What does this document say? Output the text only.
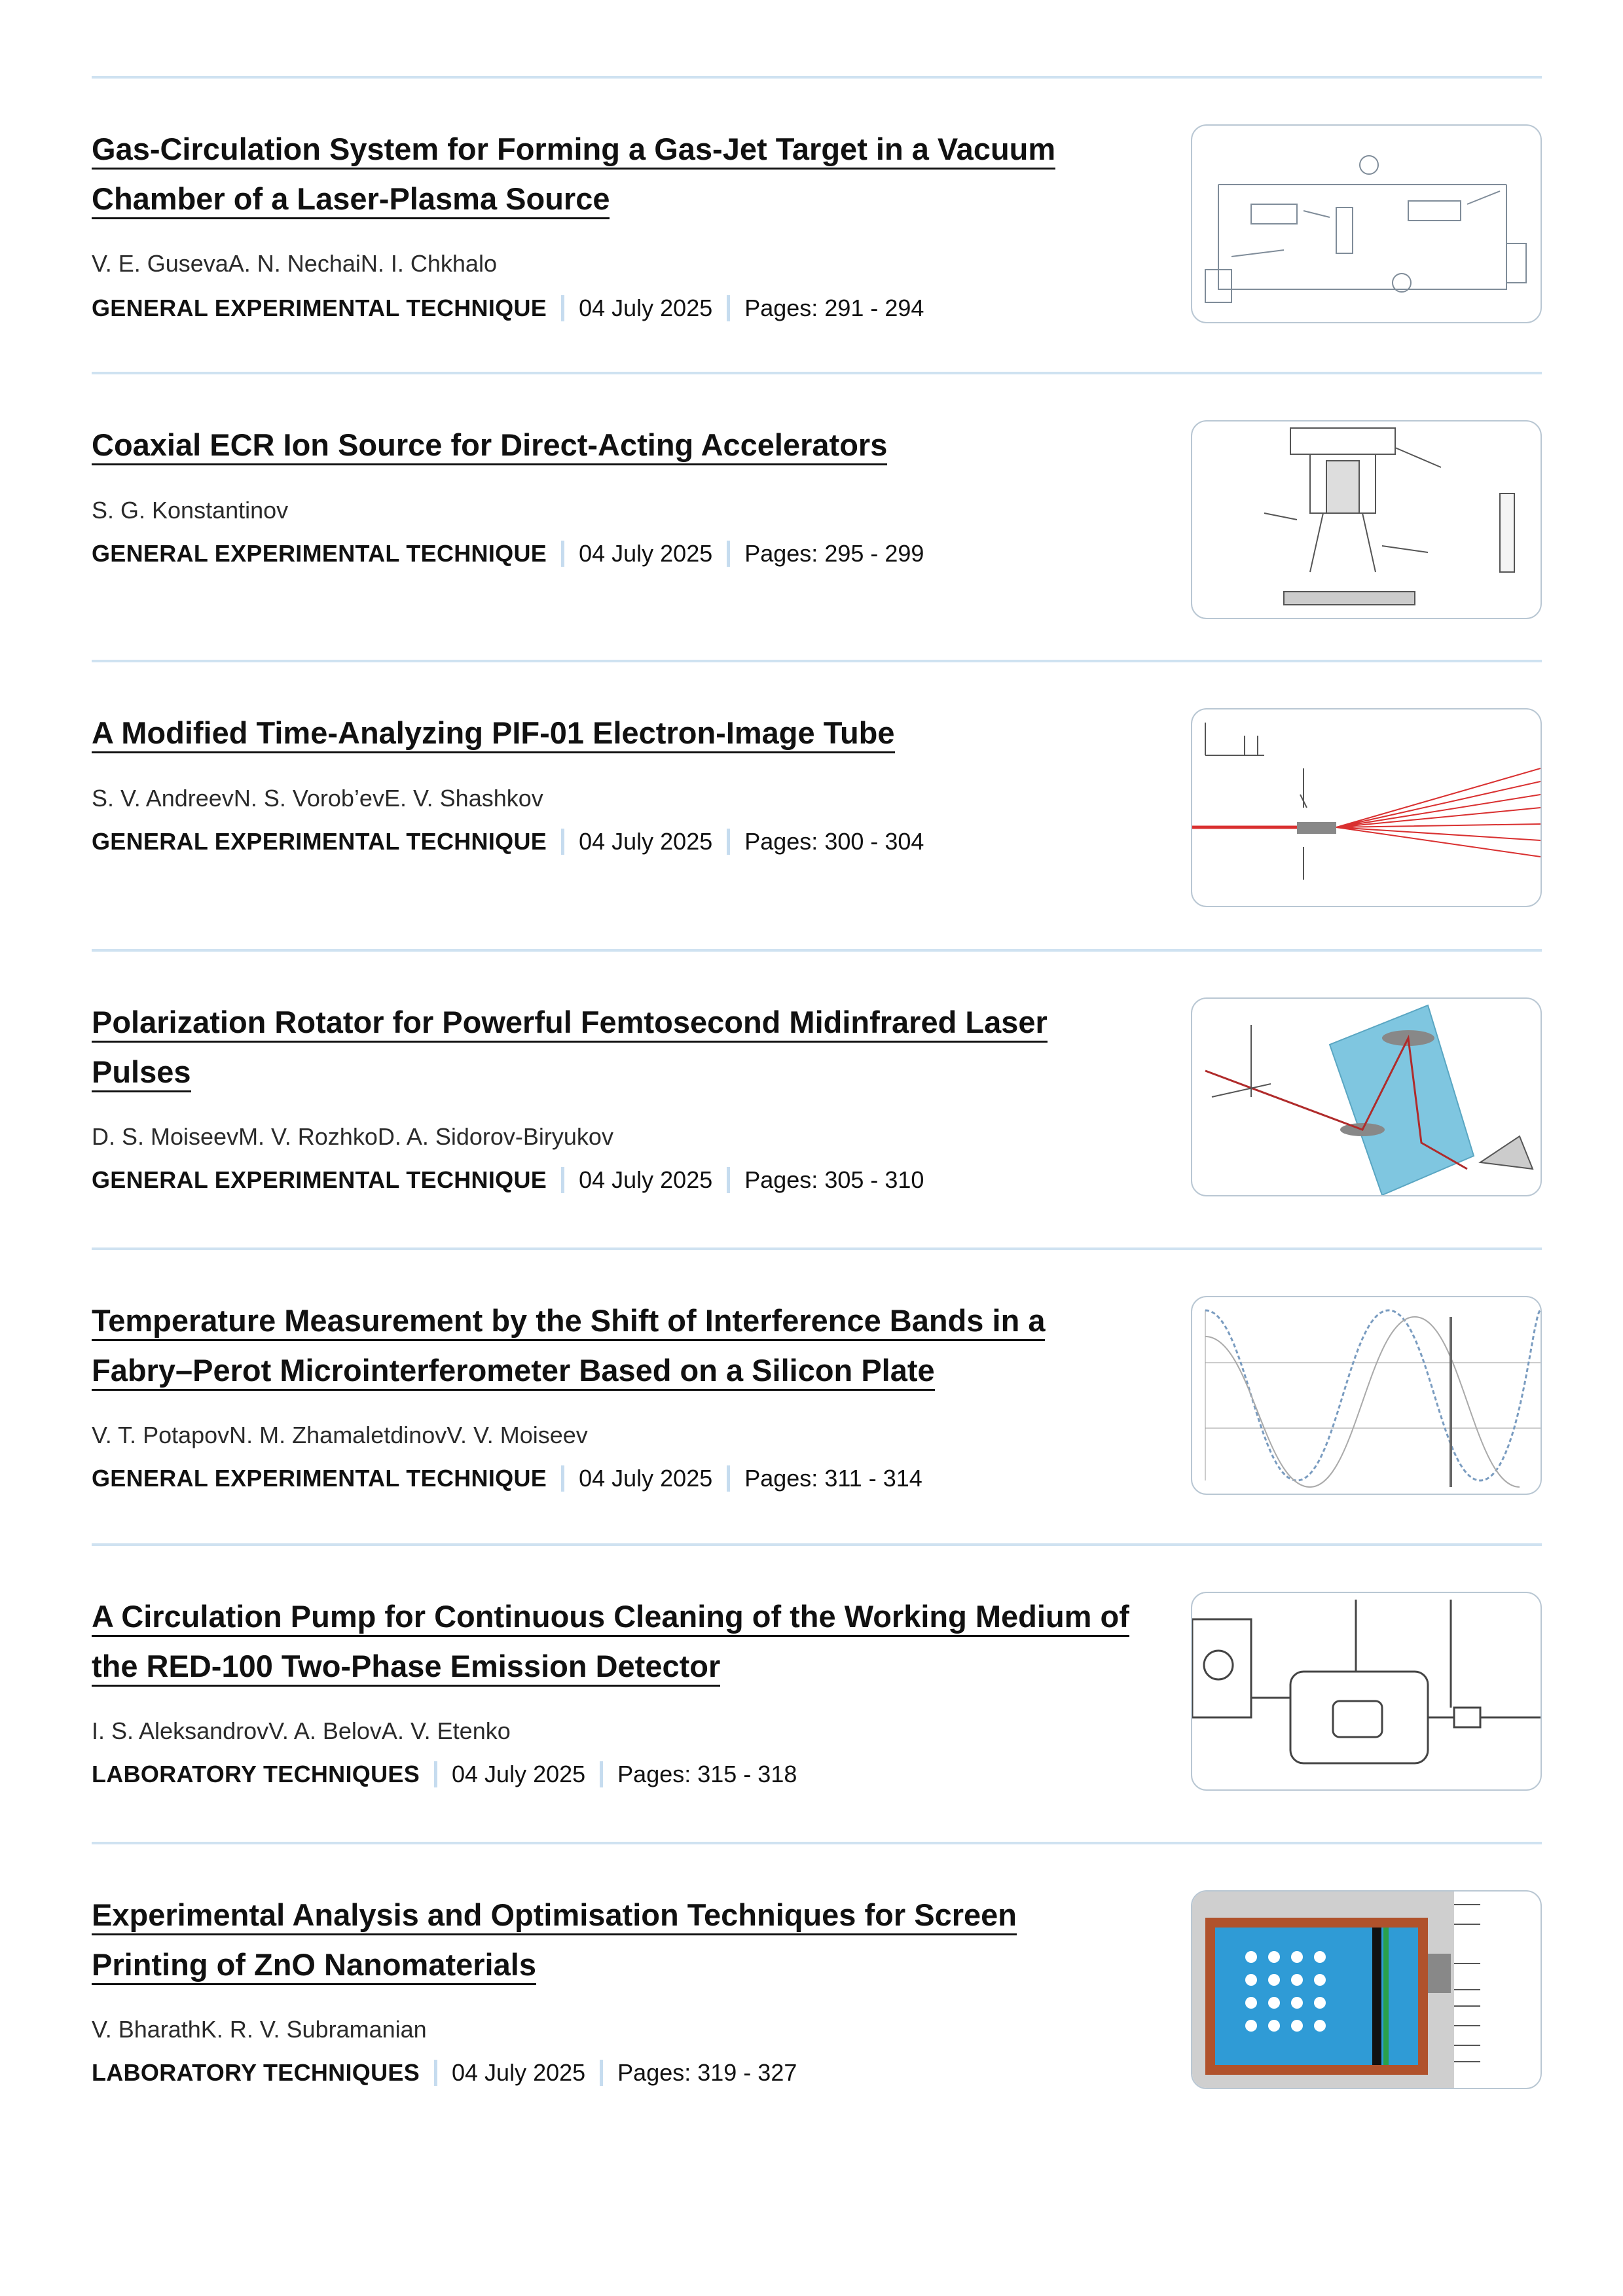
Gas-Circulation System for Forming a Gas-Jet Target in a Vacuum Chamber of a Laser-Plasma Source
V. E. GusevaA. N. NechaiN. I. Chkhalo
GENERAL EXPERIMENTAL TECHNIQUE 04 July 2025 Pages: 291 - 294
Coaxial ECR Ion Source for Direct-Acting Accelerators
S. G. Konstantinov
GENERAL EXPERIMENTAL TECHNIQUE 04 July 2025 Pages: 295 - 299
A Modified Time-Analyzing PIF-01 Electron-Image Tube
S. V. AndreevN. S. Vorob’evE. V. Shashkov
GENERAL EXPERIMENTAL TECHNIQUE 04 July 2025 Pages: 300 - 304
Polarization Rotator for Powerful Femtosecond Midinfrared Laser Pulses
D. S. MoiseevM. V. RozhkoD. A. Sidorov-Biryukov
GENERAL EXPERIMENTAL TECHNIQUE 04 July 2025 Pages: 305 - 310
Temperature Measurement by the Shift of Interference Bands in a Fabry–Perot Microinterferometer Based on a Silicon Plate
V. T. PotapovN. M. ZhamaletdinovV. V. Moiseev
GENERAL EXPERIMENTAL TECHNIQUE 04 July 2025 Pages: 311 - 314
A Circulation Pump for Continuous Cleaning of the Working Medium of the RED-100 Two-Phase Emission Detector
I. S. AleksandrovV. A. BelovA. V. Etenko
LABORATORY TECHNIQUES 04 July 2025 Pages: 315 - 318
Experimental Analysis and Optimisation Techniques for Screen Printing of ZnO Nanomaterials
V. BharathK. R. V. Subramanian
LABORATORY TECHNIQUES 04 July 2025 Pages: 319 - 327
